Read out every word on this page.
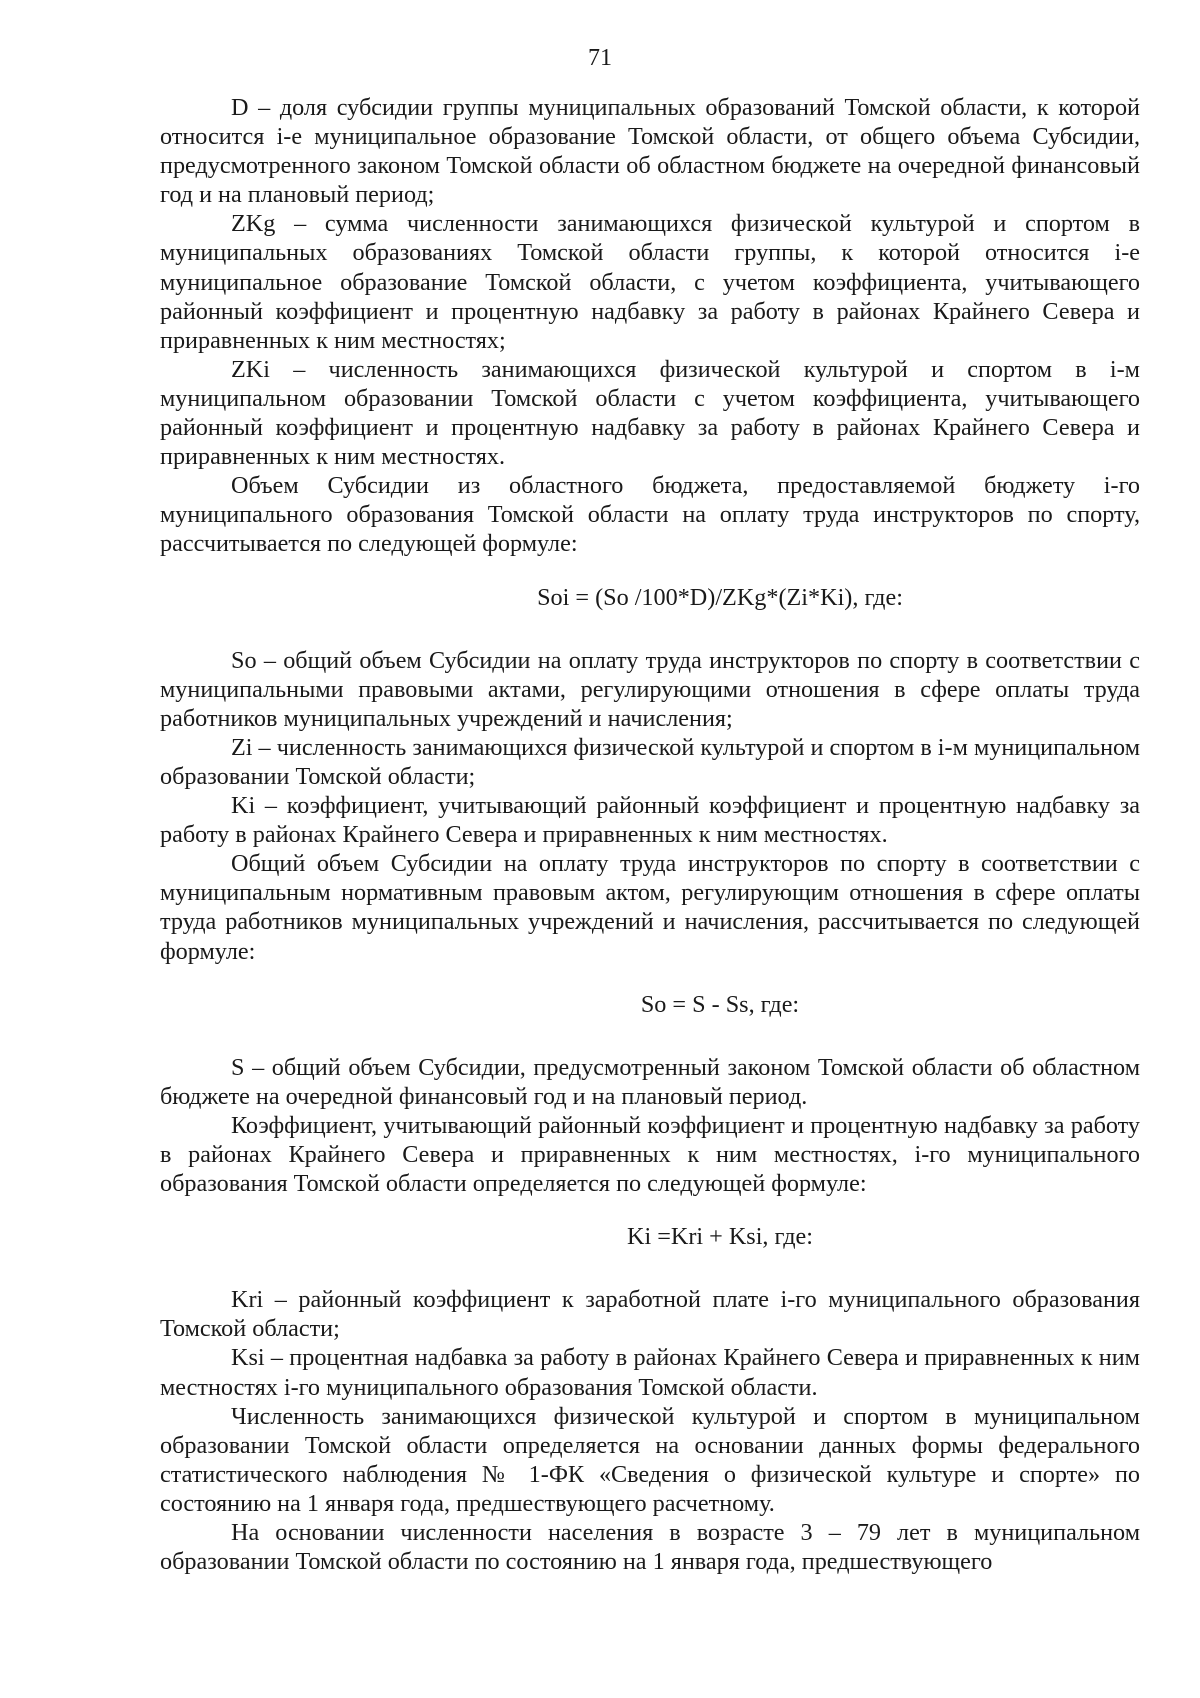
71

D – доля субсидии группы муниципальных образований Томской области, к которой относится i-е муниципальное образование Томской области, от общего объема Субсидии, предусмотренного законом Томской области об областном бюджете на очередной финансовый год и на плановый период;

ZKg – сумма численности занимающихся физической культурой и спортом в муниципальных образованиях Томской области группы, к которой относится i-е муниципальное образование Томской области, с учетом коэффициента, учитывающего районный коэффициент и процентную надбавку за работу в районах Крайнего Севера и приравненных к ним местностях;

ZKi – численность занимающихся физической культурой и спортом в i-м муниципальном образовании Томской области с учетом коэффициента, учитывающего районный коэффициент и процентную надбавку за работу в районах Крайнего Севера и приравненных к ним местностях.

Объем Субсидии из областного бюджета, предоставляемой бюджету i-го муниципального образования Томской области на оплату труда инструкторов по спорту, рассчитывается по следующей формуле:

Soi = (So /100*D)/ZKg*(Zi*Ki), где:

So – общий объем Субсидии на оплату труда инструкторов по спорту в соответствии с муниципальными правовыми актами, регулирующими отношения в сфере оплаты труда работников муниципальных учреждений и начисления;

Zi – численность занимающихся физической культурой и спортом в i-м муниципальном образовании Томской области;

Ki – коэффициент, учитывающий районный коэффициент и процентную надбавку за работу в районах Крайнего Севера и приравненных к ним местностях.

Общий объем Субсидии на оплату труда инструкторов по спорту в соответствии с муниципальным нормативным правовым актом, регулирующим отношения в сфере оплаты труда работников муниципальных учреждений и начисления, рассчитывается по следующей формуле:

So = S - Ss, где:

S – общий объем Субсидии, предусмотренный законом Томской области об областном бюджете на очередной финансовый год и на плановый период.

Коэффициент, учитывающий районный коэффициент и процентную надбавку за работу в районах Крайнего Севера и приравненных к ним местностях, i-го муниципального образования Томской области определяется по следующей формуле:

Ki =Kri + Ksi, где:

Kri – районный коэффициент к заработной плате i-го муниципального образования Томской области;

Ksi – процентная надбавка за работу в районах Крайнего Севера и приравненных к ним местностях i-го муниципального образования Томской области.

Численность занимающихся физической культурой и спортом в муниципальном образовании Томской области определяется на основании данных формы федерального статистического наблюдения № 1-ФК «Сведения о физической культуре и спорте» по состоянию на 1 января года, предшествующего расчетному.

На основании численности населения в возрасте 3 – 79 лет в муниципальном образовании Томской области по состоянию на 1 января года, предшествующего
